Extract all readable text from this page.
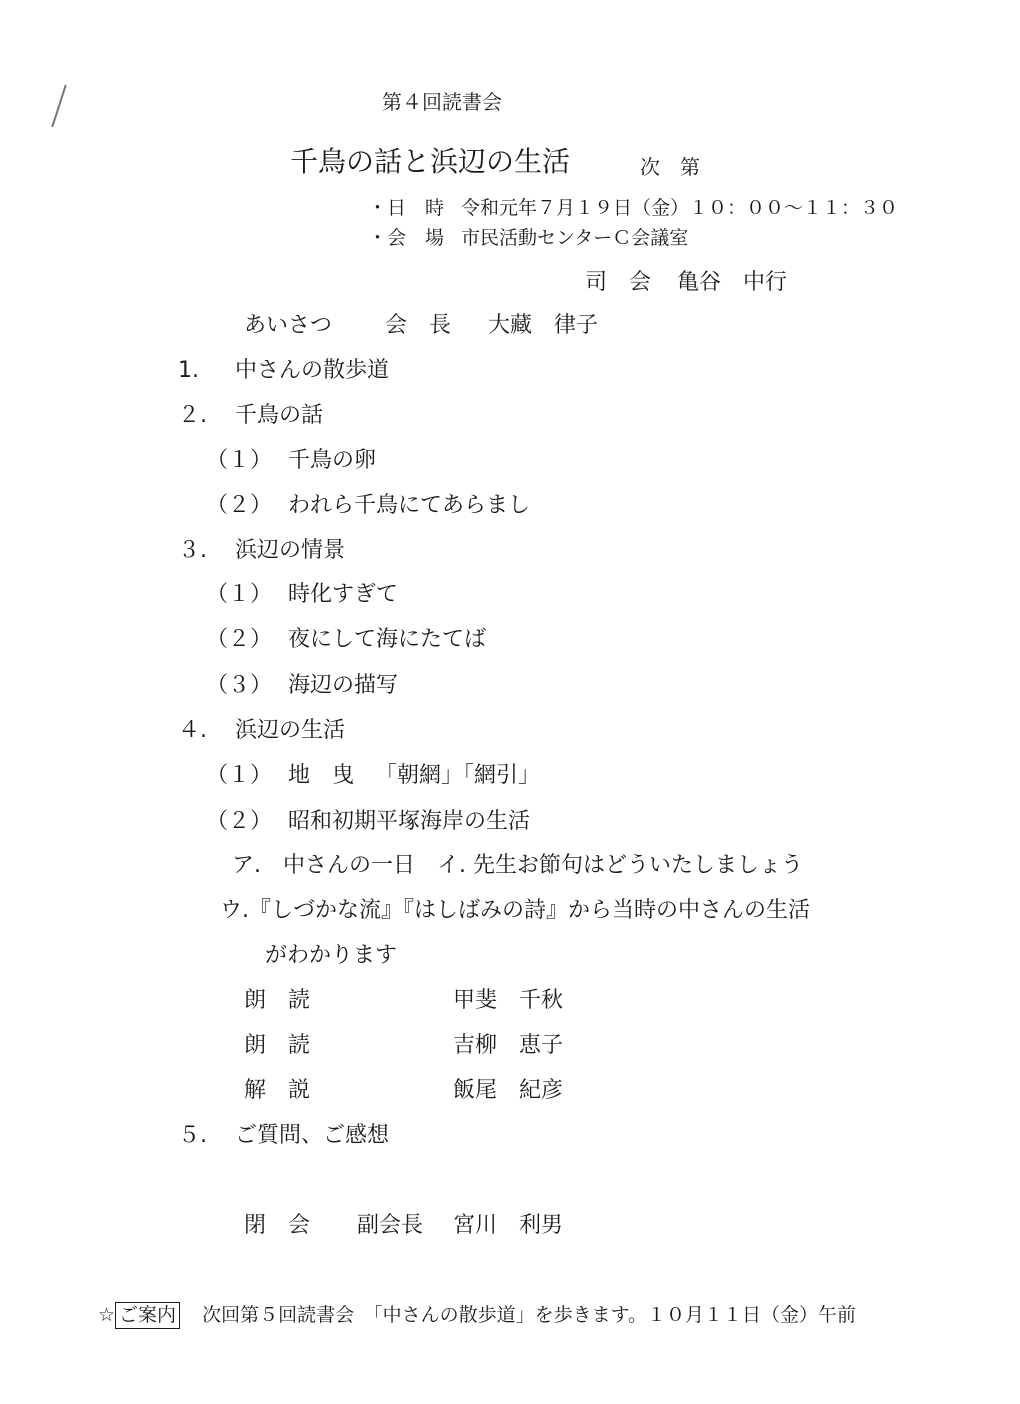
第４回読書会
千鳥の話と浜辺の生活	次　第
・日　時 令和元年７月１９日（金）１０：００～１１：３０
・会　場 市民活動センターＣ会議室
司　会 亀谷　中行
あいさつ 会　長 大藏　律子
1. 中さんの散歩道
２. 千鳥の話
（１） 千鳥の卵
（２） われら千鳥にてあらまし
３. 浜辺の情景
（１） 時化すぎて
（２） 夜にして海にたてば
（３） 海辺の描写
４. 浜辺の生活
（１） 地　曳 「朝網」「網引」
（２） 昭和初期平塚海岸の生活
ア.　中さんの一日　イ. 先生お節句はどういたしましょう
ウ.『しづかな流』『はしばみの詩』から当時の中さんの生活
がわかります
朗　読	甲斐　千秋
朗　読	吉柳　恵子
解　説	飯尾　紀彦
５. ご質問、ご感想
閉　会 副会長 宮川　利男
☆ ご案内 次回第５回読書会　「中さんの散歩道」を歩きます。１０月１１日（金）午前
